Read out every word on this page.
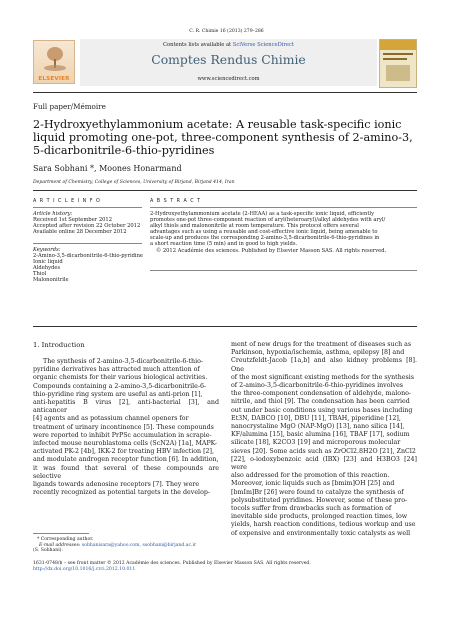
C. R. Chimie 16 (2013) 279–286
ELSEVIER
Contents lists available at SciVerse ScienceDirect
Comptes Rendus Chimie
www.sciencedirect.com
Full paper/Mémoire
2-Hydroxyethylammonium acetate: A reusable task-specific ionic
liquid promoting one-pot, three-component synthesis of 2-amino-3,
5-dicarbonitrile-6-thio-pyridines
Sara Sobhani *, Moones Honarmand
Department of Chemistry, College of Sciences, University of Birjand, Birjand 414, Iran
A R T I C L E I N F O
Article history:
Received 1st September 2012
Accepted after revision 22 October 2012
Available online 28 December 2012
Keywords:
2-Amino-3,5-dicarbonitrile-6-thio-pyridine
Ionic liquid
Aldehydes
Thiol
Malononitrile
A B S T R A C T
2-Hydroxyethylammonium acetate (2-HEAA) as a task-specific ionic liquid, efficiently
promotes one-pot three-component reaction of aryl(heteroaryl)/alkyl aldehydes with aryl/
alkyl thiols and malononitrile at room temperature. This protocol offers several
advantages such as using a reusable and cost-effective ionic liquid, being amenable to
scale-up and produces the corresponding 2-amino-3,5-dicarbonitrile-6-thio-pyridines in
a short reaction time (5 min) and in good to high yields.
© 2012 Académie des sciences. Published by Elsevier Masson SAS. All rights reserved.
1. Introduction
The synthesis of 2-amino-3,5-dicarbonitrile-6-thio-
pyridine derivatives has attracted much attention of
organic chemists for their various biological activities.
Compounds containing a 2-amino-3,5-dicarbonitrile-6-
thio-pyridine ring system are useful as anti-prion [1],
anti-hepatitis B virus [2], anti-bacterial [3], and anticancer
[4] agents and as potassium channel openers for
treatment of urinary incontinence [5]. These compounds
were reported to inhibit PrPSc accumulation in scrapie-
infected mouse neuroblastoma cells (ScN2A) [1a], MAPK-
activated PK-2 [4b], IKK-2 for treating HBV infection [2],
and modulate androgen receptor function [6]. In addition,
it was found that several of these compounds are selective
ligands towards adenosine receptors [7]. They were
recently recognized as potential targets in the develop-
* Corresponding author.
E-mail addresses: sobhanisara@yahoo.com, ssobhani@birjand.ac.ir
(S. Sobhani).
ment of new drugs for the treatment of diseases such as
Parkinson, hypoxia/ischemia, asthma, epilepsy [8] and
Creutzfeldt-Jacob [1a,b] and also kidney problems [8]. One
of the most significant existing methods for the synthesis
of 2-amino-3,5-dicarbonitrile-6-thio-pyridines involves
the three-component condensation of aldehyde, malono-
nitrile, and thiol [9]. The condensation has been carried
out under basic conditions using various bases including
Et3N, DABCO [10], DBU [11], TBAH, piperidine [12],
nanocrystaline MgO (NAP-MgO) [13], nano silica [14],
KF/alumina [15], basic alumina [16], TBAF [17], sodium
silicate [18], K2CO3 [19] and microporous molecular
sieves [20]. Some acids such as ZrOCl2.8H2O [21], ZnCl2
[22], o-iodoxybenzoic acid (IBX) [23] and H3BO3 [24] were
also addressed for the promotion of this reaction.
Moreover, ionic liquids such as [bmim]OH [25] and
[bmIm]Br [26] were found to catalyze the synthesis of
polysubstituted pyridines. However, some of these pro-
tocols suffer from drawbacks such as formation of
inevitable side products, prolonged reaction times, low
yields, harsh reaction conditions, tedious workup and use
of expensive and environmentally toxic catalysts as well
1631-0748/$ – see front matter © 2012 Académie des sciences. Published by Elsevier Masson SAS. All rights reserved.
http://dx.doi.org/10.1016/j.crci.2012.10.011
